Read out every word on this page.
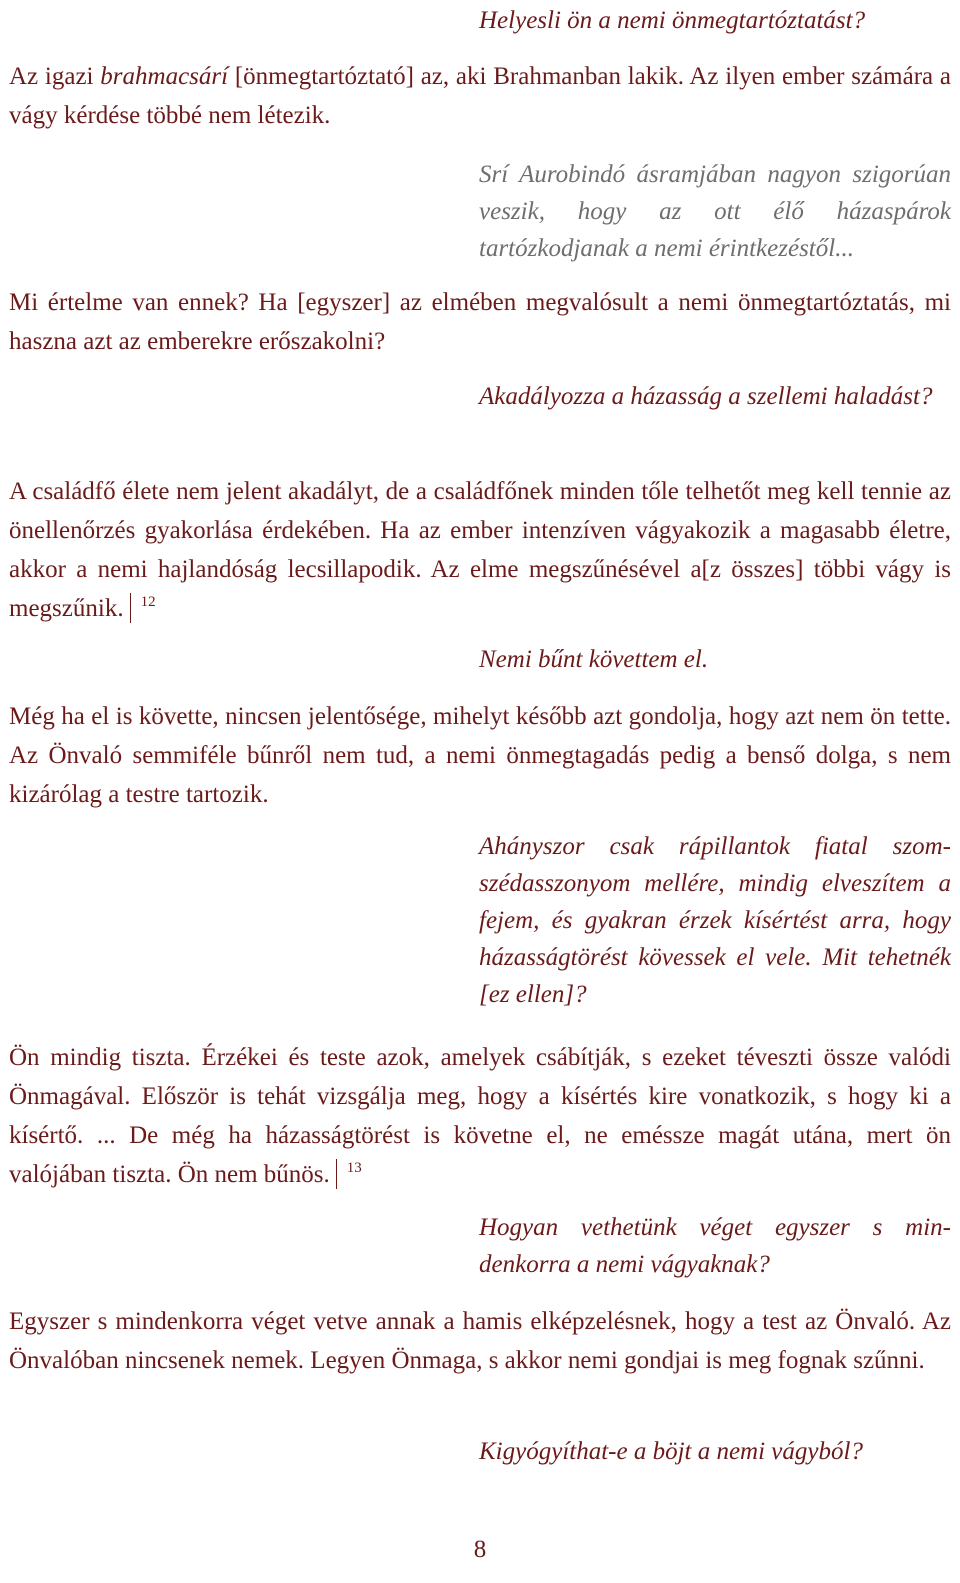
Helyesli ön a nemi önmegtartóztatást?

Az igazi brahmacsárí [önmegtartóztató] az, aki Brahmanban lakik. Az ilyen ember számára a vágy kérdése többé nem létezik.

Srí Aurobindó ásramjában nagyon szigorúan veszik, hogy az ott élő házaspárok tartózkodjanak a nemi érintkezéstől...

Mi értelme van ennek? Ha [egyszer] az elmében megvalósult a nemi önmegtartóztatás, mi haszna azt az emberekre erőszakolni?

Akadályozza a házasság a szellemi haladást?

A családfő élete nem jelent akadályt, de a családfőnek minden tőle telhetőt meg kell tennie az önellenőrzés gyakorlása érdekében. Ha az ember intenzíven vágyakozik a magasabb életre, akkor a nemi hajlandóság lecsillapodik. Az elme megszűnésével a[z összes] többi vágy is megszűnik. 12

Nemi bűnt követtem el.

Még ha el is követte, nincsen jelentősége, mihelyt később azt gondolja, hogy azt nem ön tette. Az Önvaló semmiféle bűnről nem tud, a nemi önmegtagadás pedig a benső dolga, s nem kizárólag a testre tartozik.

Ahányszor csak rápillantok fiatal szomszédasszonyom mellére, mindig elveszítem a fejem, és gyakran érzek kísértést arra, hogy házasságtörést kövessek el vele. Mit tehetnék [ez ellen]?

Ön mindig tiszta. Érzékei és teste azok, amelyek csábítják, s ezeket téveszti össze valódi Önmagával. Először is tehát vizsgálja meg, hogy a kísértés kire vonatkozik, s hogy ki a kísértő. ... De még ha házasságtörést is követne el, ne eméssze magát utána, mert ön valójában tiszta. Ön nem bűnös. 13

Hogyan vethetünk véget egyszer s mindenkorra a nemi vágyaknak?

Egyszer s mindenkorra véget vetve annak a hamis elképzelésnek, hogy a test az Önvaló. Az Önvalóban nincsenek nemek. Legyen Önmaga, s akkor nemi gondjai is meg fognak szűnni.

Kigyógyíthat-e a böjt a nemi vágyból?

8
